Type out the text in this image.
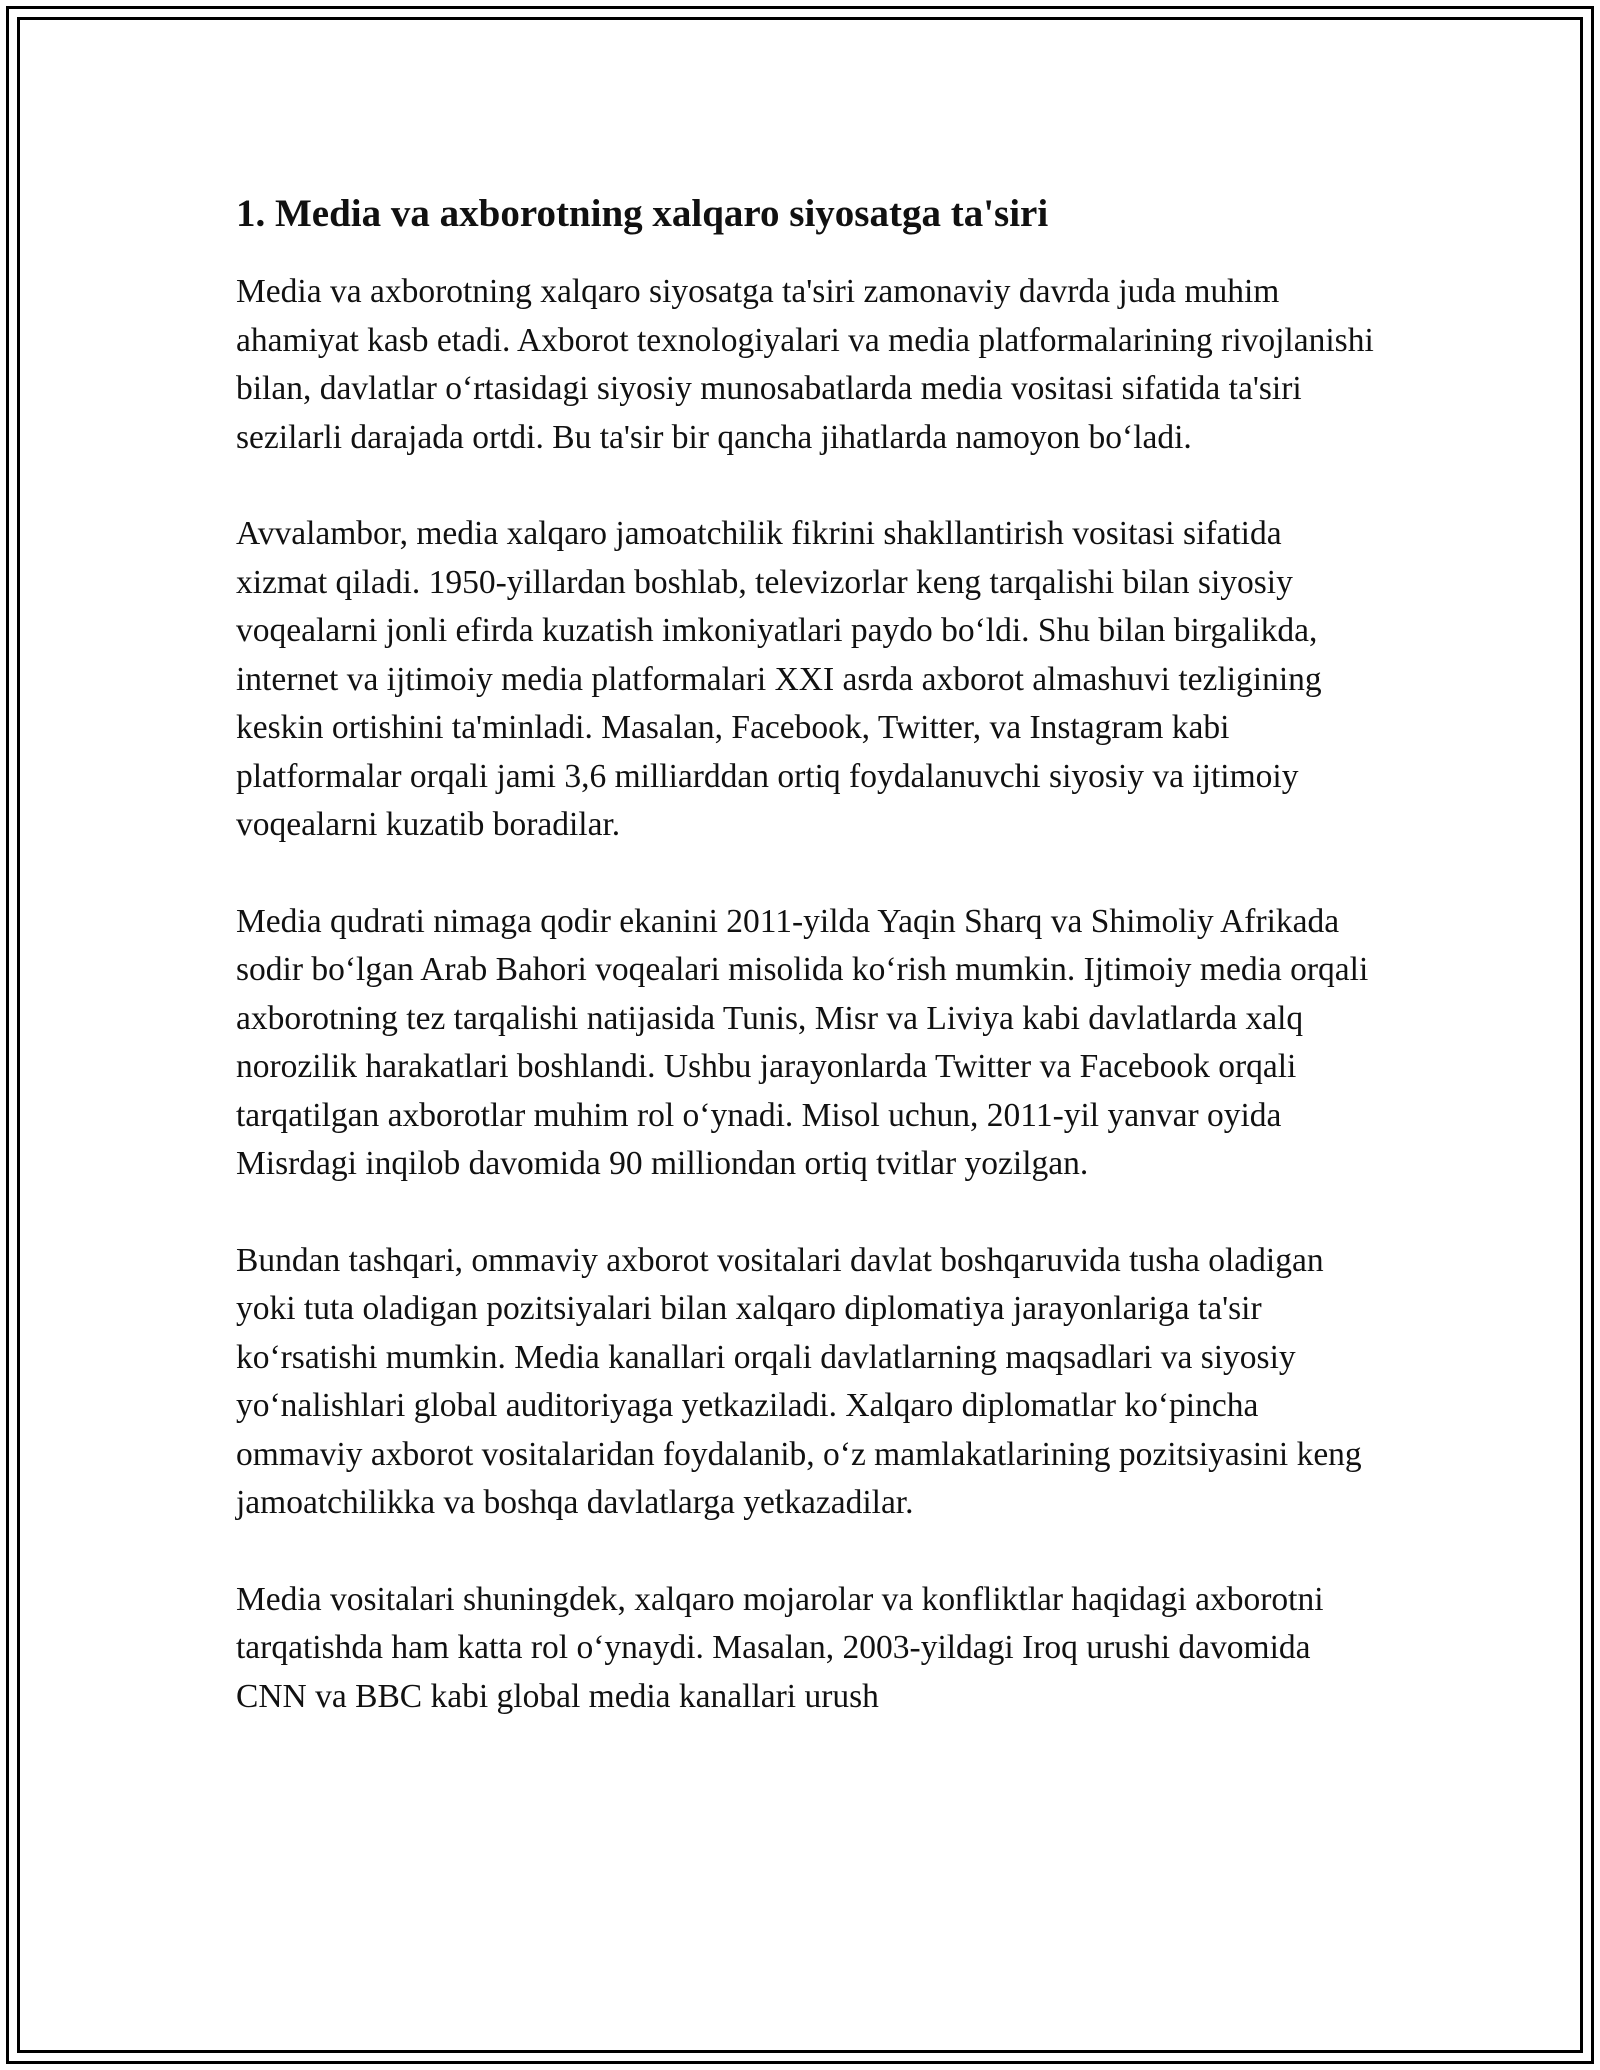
1. Media va axborotning xalqaro siyosatga ta'siri

Media va axborotning xalqaro siyosatga ta'siri zamonaviy davrda juda muhim ahamiyat kasb etadi. Axborot texnologiyalari va media platformalarining rivojlanishi bilan, davlatlar o‘rtasidagi siyosiy munosabatlarda media vositasi sifatida ta'siri sezilarli darajada ortdi. Bu ta'sir bir qancha jihatlarda namoyon bo‘ladi.

Avvalambor, media xalqaro jamoatchilik fikrini shakllantirish vositasi sifatida xizmat qiladi. 1950-yillardan boshlab, televizorlar keng tarqalishi bilan siyosiy voqealarni jonli efirda kuzatish imkoniyatlari paydo bo‘ldi. Shu bilan birgalikda, internet va ijtimoiy media platformalari XXI asrda axborot almashuvi tezligining keskin ortishini ta'minladi. Masalan, Facebook, Twitter, va Instagram kabi platformalar orqali jami 3,6 milliarddan ortiq foydalanuvchi siyosiy va ijtimoiy voqealarni kuzatib boradilar.

Media qudrati nimaga qodir ekanini 2011-yilda Yaqin Sharq va Shimoliy Afrikada sodir bo‘lgan Arab Bahori voqealari misolida ko‘rish mumkin. Ijtimoiy media orqali axborotning tez tarqalishi natijasida Tunis, Misr va Liviya kabi davlatlarda xalq norozilik harakatlari boshlandi. Ushbu jarayonlarda Twitter va Facebook orqali tarqatilgan axborotlar muhim rol o‘ynadi. Misol uchun, 2011-yil yanvar oyida Misrdagi inqilob davomida 90 milliondan ortiq tvitlar yozilgan.

Bundan tashqari, ommaviy axborot vositalari davlat boshqaruvida tusha oladigan yoki tuta oladigan pozitsiyalari bilan xalqaro diplomatiya jarayonlariga ta'sir ko‘rsatishi mumkin. Media kanallari orqali davlatlarning maqsadlari va siyosiy yo‘nalishlari global auditoriyaga yetkaziladi. Xalqaro diplomatlar ko‘pincha ommaviy axborot vositalaridan foydalanib, o‘z mamlakatlarining pozitsiyasini keng jamoatchilikka va boshqa davlatlarga yetkazadilar.

Media vositalari shuningdek, xalqaro mojarolar va konfliktlar haqidagi axborotni tarqatishda ham katta rol o‘ynaydi. Masalan, 2003-yildagi Iroq urushi davomida CNN va BBC kabi global media kanallari urush
